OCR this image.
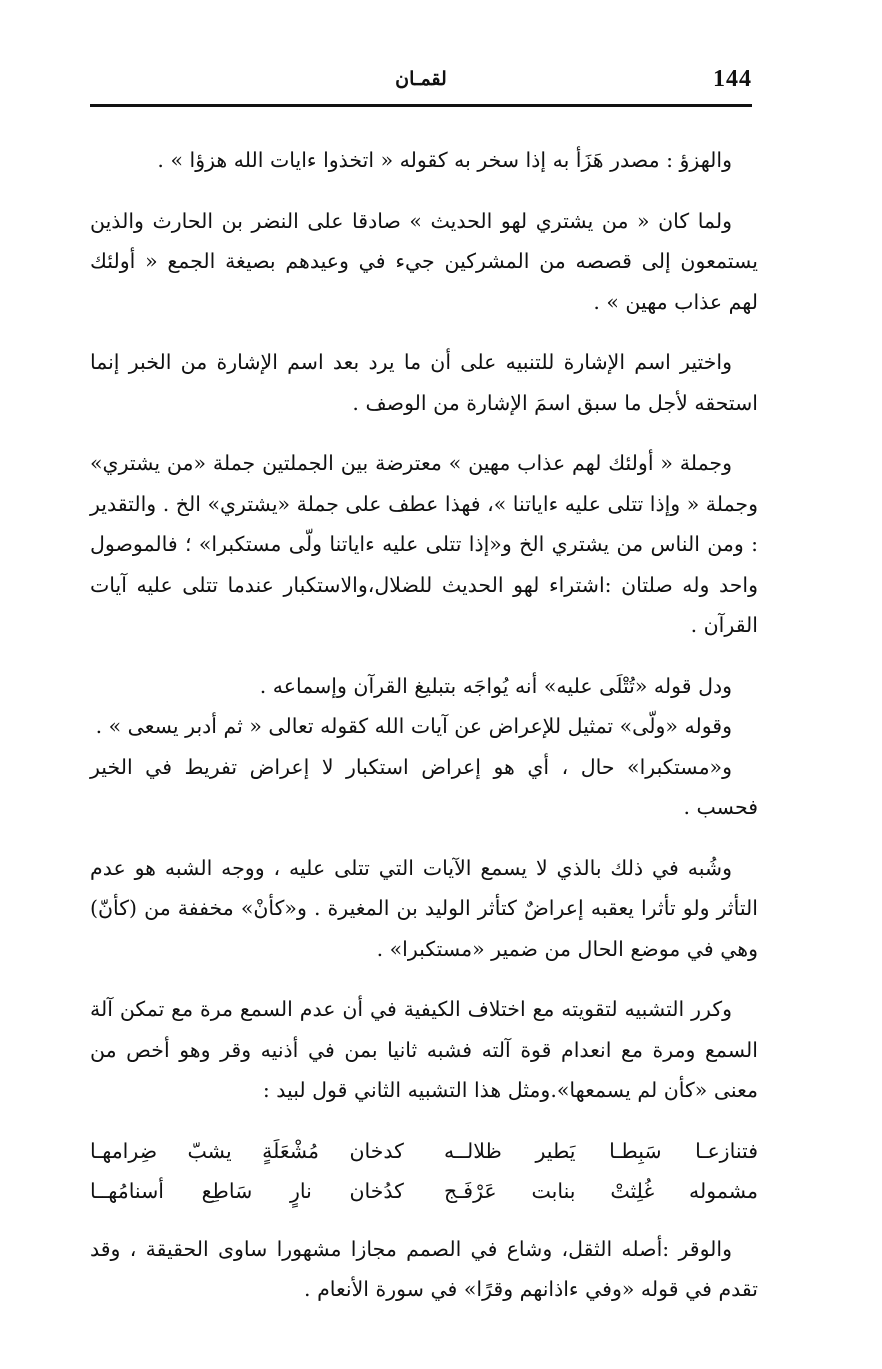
144
لقمـان

والهزؤ : مصدر هَزَأ به إذا سخر به كقوله « اتخذوا ءايات الله هزؤا » .

ولما كان « من يشتري لهو الحديث » صادقا على النضر بن الحارث والذين يستمعون إلى قصصه من المشركين جيء في وعيدهم بصيغة الجمع « أولئك لهم عذاب مهين » .

واختير اسم الإشارة للتنبيه على أن ما يرد بعد اسم الإشارة من الخبر إنما استحقه لأجل ما سبق اسمَ الإشارة من الوصف .

وجملة « أولئك لهم عذاب مهين » معترضة بين الجملتين جملة «من يشتري» وجملة « وإذا تتلى عليه ءاياتنا »، فهذا عطف على جملة «يشتري» الخ . والتقدير : ومن الناس من يشتري الخ و«إذا تتلى عليه ءاياتنا ولّى مستكبرا» ؛ فالموصول واحد وله صلتان :اشتراء لهو الحديث للضلال،والاستكبار عندما تتلى عليه آيات القرآن .

ودل قوله «تُتْلَى عليه» أنه يُواجَه بتبليغ القرآن وإسماعه .

وقوله «ولّى» تمثيل للإعراض عن آيات الله كقوله تعالى « ثم أدبر يسعى » .

و«مستكبرا» حال ، أي هو إعراض استكبار لا إعراض تفريط في الخير فحسب .

وشُبه في ذلك بالذي لا يسمع الآيات التي تتلى عليه ، ووجه الشبه هو عدم التأثر ولو تأثرا يعقبه إعراضٌ كتأثر الوليد بن المغيرة . و«كأنْ» مخففة من (كأنّ) وهي في موضع الحال من ضمير «مستكبرا» .

وكرر التشبيه لتقويته مع اختلاف الكيفية في أن عدم السمع مرة مع تمكن آلة السمع ومرة مع انعدام قوة آلته فشبه ثانيا بمن في أذنيه وقر وهو أخص من معنى «كأن لم يسمعها».ومثل هذا التشبيه الثاني قول لبيد :

فتنازعـا سَبِطـا يَطير ظلالــه
كدخان مُشْعَلَةٍ يشبّ ضِرامهـا
مشموله غُلِثتْ بنابت عَرْفَـج
كدُخان نارٍ سَاطِع أسنامُهــا

والوقر :أصله الثقل، وشاع في الصمم مجازا مشهورا ساوى الحقيقة ، وقد تقدم في قوله «وفي ءاذانهم وقرًا» في سورة الأنعام .
